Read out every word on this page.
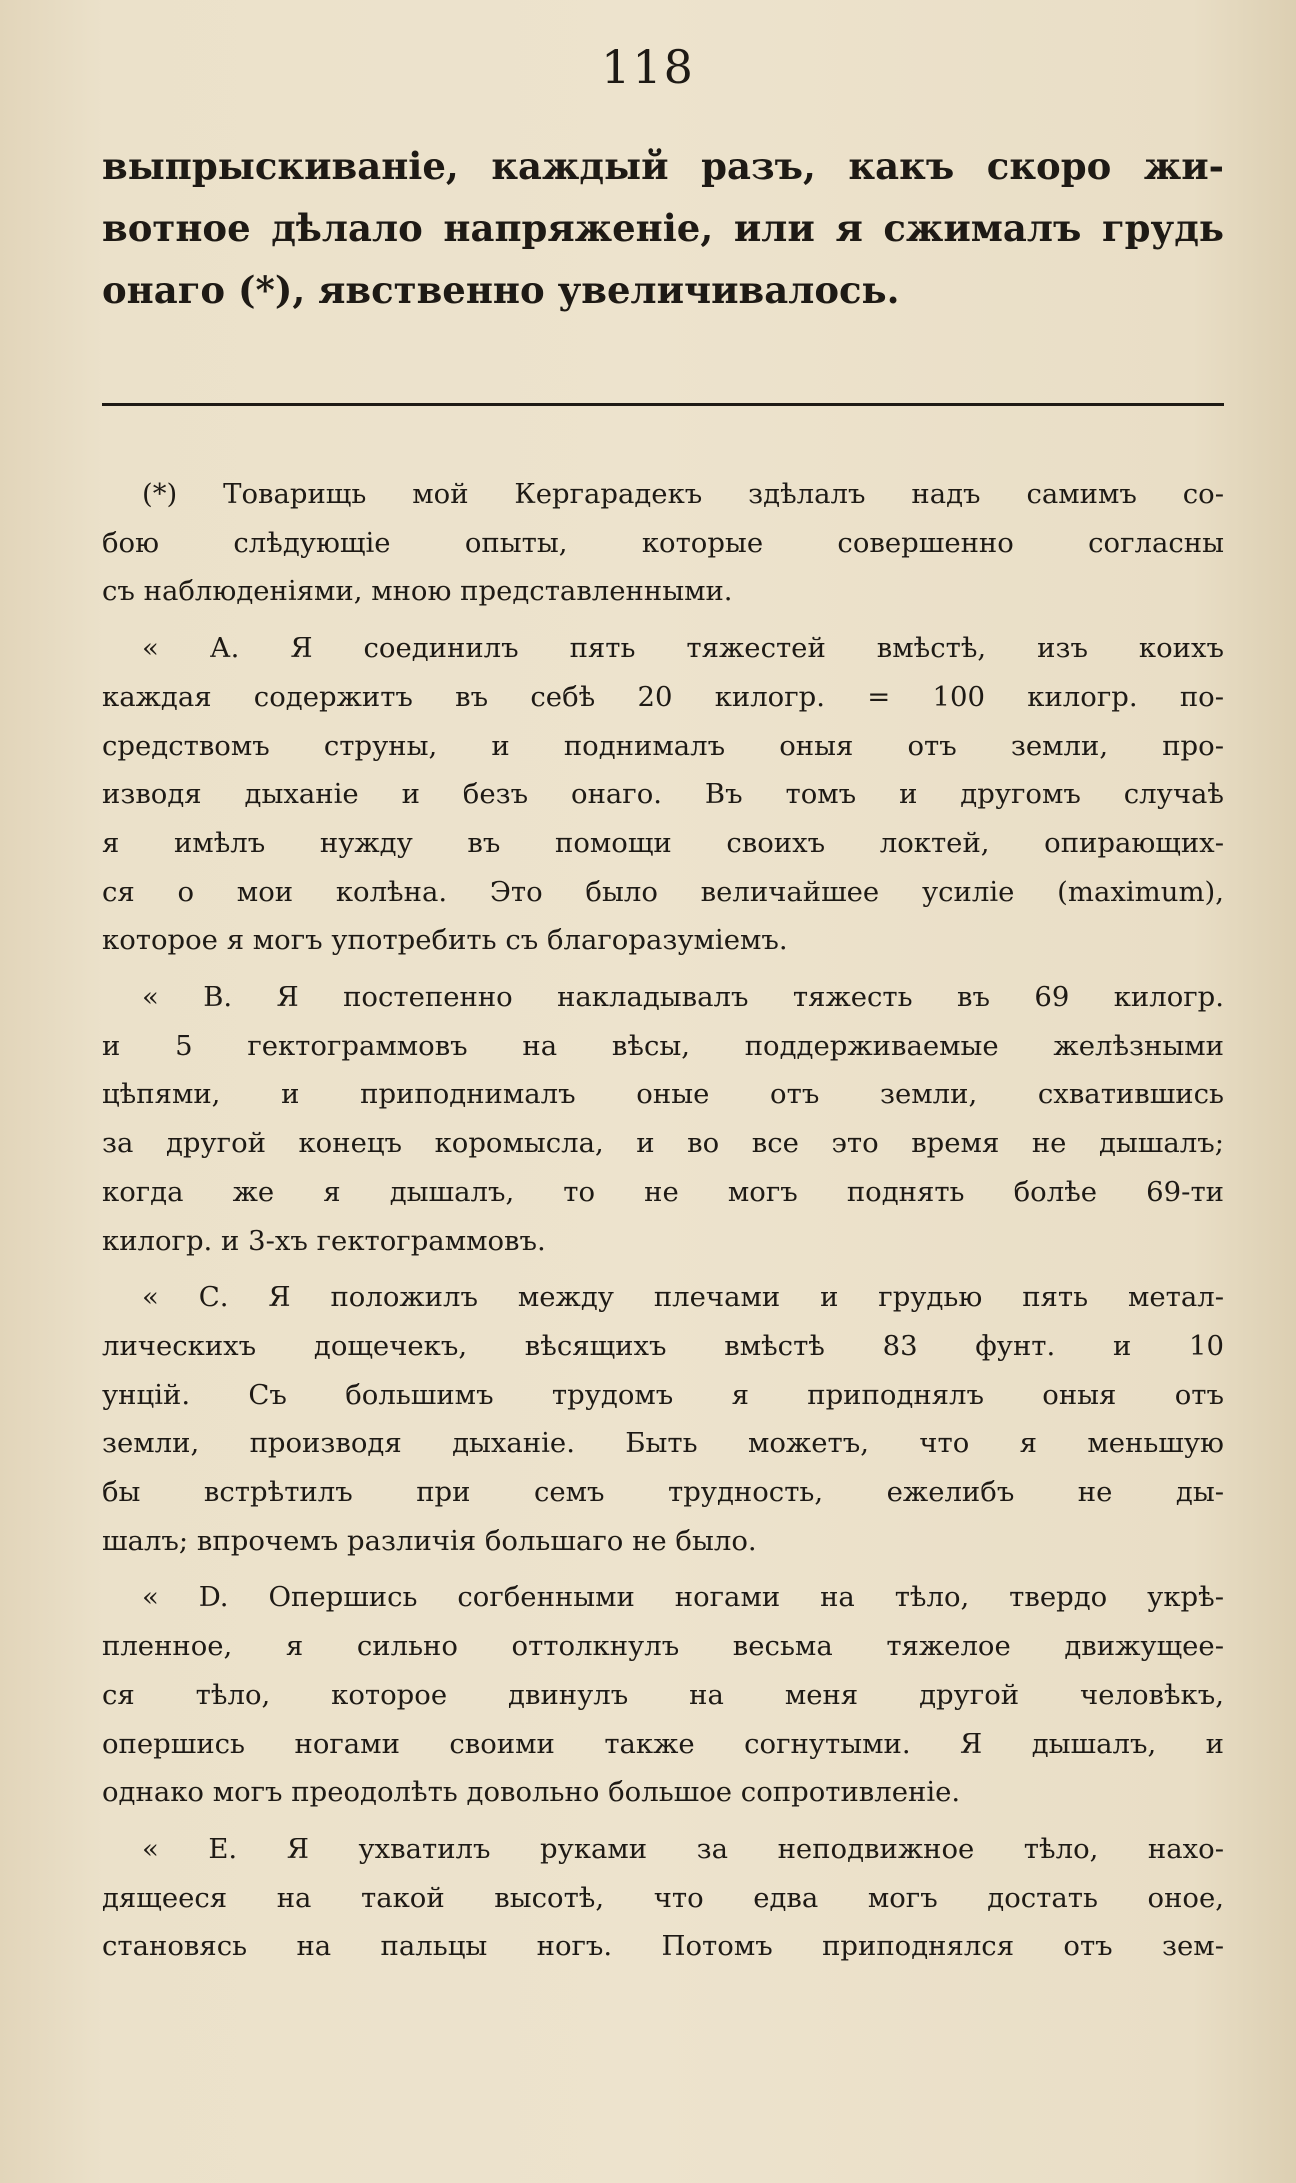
118
выпрыскиванiе, каждый разъ, какъ скоро жи-
вотное дѣлало напряженiе, или я сжималъ грудь
онаго (*), явственно увеличивалось.
(*) Товарищь мой Кергарадекъ здѣлалъ надъ самимъ со-
бою слѣдующiе опыты, которые совершенно согласны
съ наблюденiями, мною представленными.
« А. Я соединилъ пять тяжестей вмѣстѣ, изъ коихъ
каждая содержитъ въ себѣ 20 килогр. = 100 килогр. по-
средствомъ струны, и поднималъ оныя отъ земли, про-
изводя дыханiе и безъ онаго. Въ томъ и другомъ случаѣ
я имѣлъ нужду въ помощи своихъ локтей, опирающих-
ся о мои колѣна. Это было величайшее усилiе (maximum),
которое я могъ употребить съ благоразумiемъ.
« В. Я постепенно накладывалъ тяжесть въ 69 килогр.
и 5 гектограммовъ на вѣсы, поддерживаемые желѣзными
цѣпями, и приподнималъ оные отъ земли, схватившись
за другой конецъ коромысла, и во все это время не дышалъ;
когда же я дышалъ, то не могъ поднять болѣе 69-ти
килогр. и 3-хъ гектограммовъ.
« С. Я положилъ между плечами и грудью пять метал-
лическихъ дощечекъ, вѣсящихъ вмѣстѣ 83 фунт. и 10
унцiй. Съ большимъ трудомъ я приподнялъ оныя отъ
земли, производя дыханiе. Быть можетъ, что я меньшую
бы встрѣтилъ при семъ трудность, ежелибъ не ды-
шалъ; впрочемъ различiя большаго не было.
« D. Опершись согбенными ногами на тѣло, твердо укрѣ-
пленное, я сильно оттолкнулъ весьма тяжелое движущее-
ся тѣло, которое двинулъ на меня другой человѣкъ,
опершись ногами своими также согнутыми. Я дышалъ, и
однако могъ преодолѣть довольно большое сопротивленiе.
« Е. Я ухватилъ руками за неподвижное тѣло, нахо-
дящееся на такой высотѣ, что едва могъ достать оное,
становясь на пальцы ногъ. Потомъ приподнялся отъ зем-
